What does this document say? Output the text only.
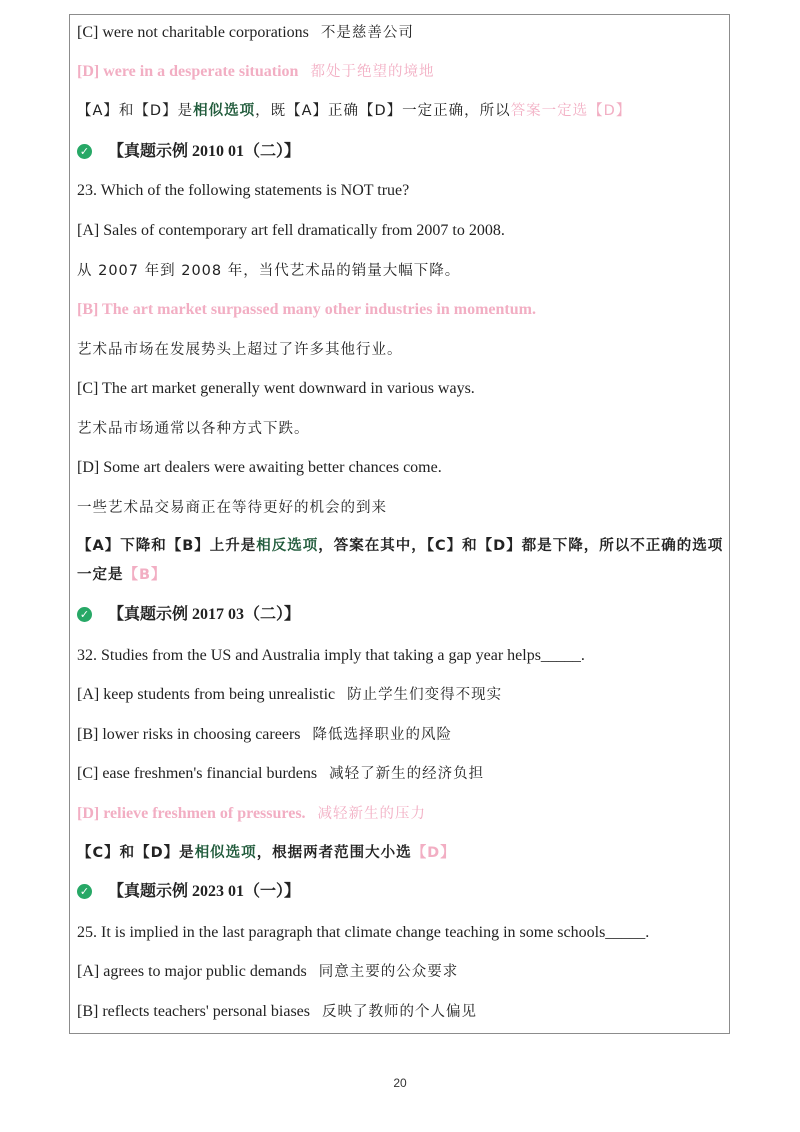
[C] were not charitable corporations 不是慈善公司
[D] were in a desperate situation 都处于绝望的境地
【A】和【D】是相似选项，既【A】正确【D】一定正确，所以答案一定选【D】
✓ 【真题示例 2010 01（二）】
23. Which of the following statements is NOT true?
[A] Sales of contemporary art fell dramatically from 2007 to 2008.
从 2007 年到 2008 年，当代艺术品的销量大幅下降。
[B] The art market surpassed many other industries in momentum.
艺术品市场在发展势头上超过了许多其他行业。
[C] The art market generally went downward in various ways.
艺术品市场通常以各种方式下跌。
[D] Some art dealers were awaiting better chances come.
一些艺术品交易商正在等待更好的机会的到来
【A】下降和【B】上升是相反选项，答案在其中，【C】和【D】都是下降，所以不正确的选项一定是【B】
✓ 【真题示例 2017 03（二）】
32. Studies from the US and Australia imply that taking a gap year helps_____.
[A] keep students from being unrealistic 防止学生们变得不现实
[B] lower risks in choosing careers 降低选择职业的风险
[C] ease freshmen's financial burdens 减轻了新生的经济负担
[D] relieve freshmen of pressures. 减轻新生的压力
【C】和【D】是相似选项，根据两者范围大小选【D】
✓ 【真题示例 2023 01（一）】
25. It is implied in the last paragraph that climate change teaching in some schools_____.
[A] agrees to major public demands 同意主要的公众要求
[B] reflects teachers' personal biases 反映了教师的个人偏见
20
